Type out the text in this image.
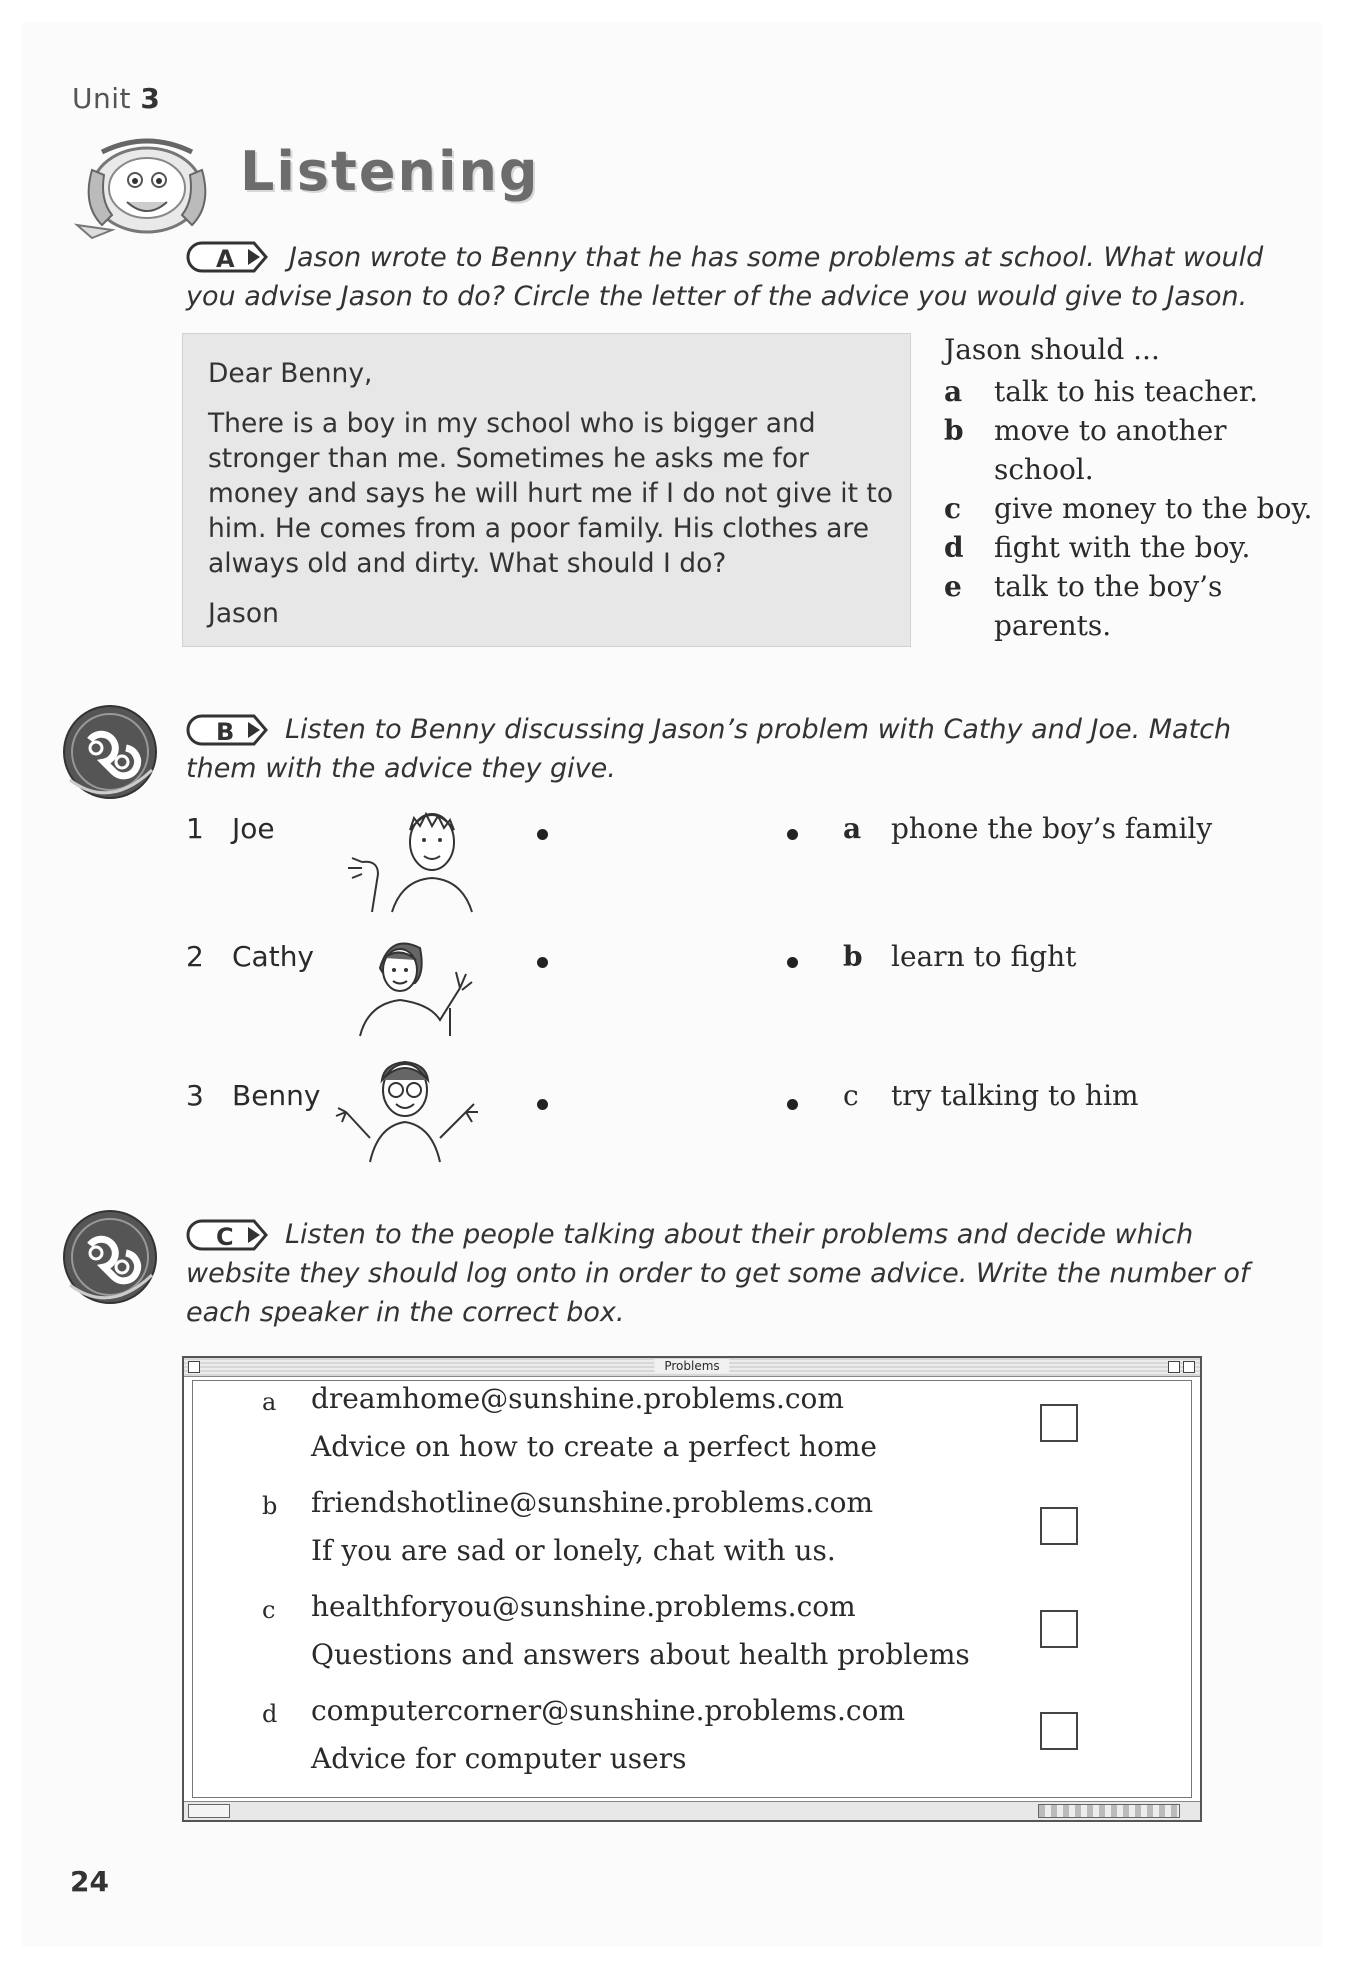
Unit 3
Listening
A	Jason wrote to Benny that he has some problems at school. What would you advise Jason to do? Circle the letter of the advice you would give to Jason.
Dear Benny,
There is a boy in my school who is bigger and stronger than me. Sometimes he asks me for money and says he will hurt me if I do not give it to him. He comes from a poor family. His clothes are always old and dirty. What should I do?
Jason
Jason should ...
a talk to his teacher.
b move to another
school.
c give money to the boy.
d fight with the boy.
e talk to the boy’s
parents.
B	Listen to Benny discussing Jason’s problem with Cathy and Joe. Match them with the advice they give.
1 Joe	a phone the boy’s family
2 Cathy	b learn to fight
3 Benny	c try talking to him
C	Listen to the people talking about their problems and decide which website they should log onto in order to get some advice. Write the number of each speaker in the correct box.
Problems
a dreamhome@sunshine.problems.com
Advice on how to create a perfect home
b friendshotline@sunshine.problems.com
If you are sad or lonely, chat with us.
c healthforyou@sunshine.problems.com
Questions and answers about health problems
d computercorner@sunshine.problems.com
Advice for computer users
24
